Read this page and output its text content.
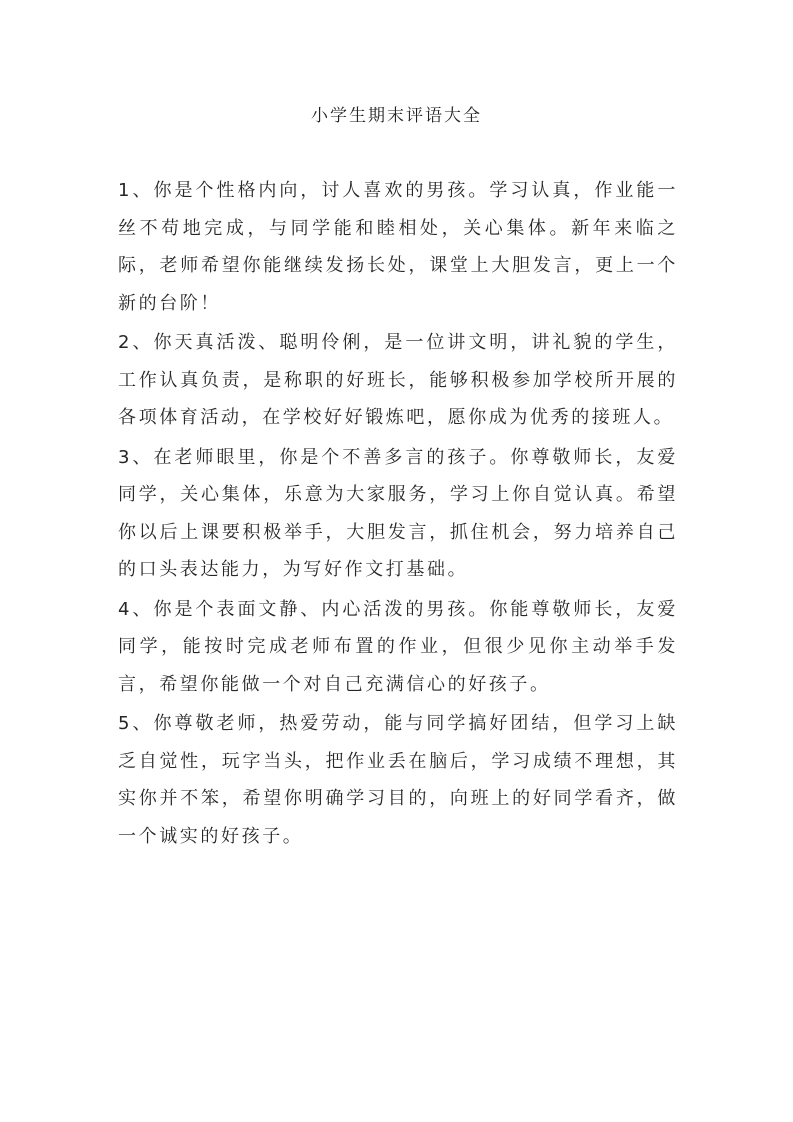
小学生期末评语大全

1、你是个性格内向，讨人喜欢的男孩。学习认真，作业能一丝不苟地完成，与同学能和睦相处，关心集体。新年来临之际，老师希望你能继续发扬长处，课堂上大胆发言，更上一个新的台阶！

2、你天真活泼、聪明伶俐，是一位讲文明，讲礼貌的学生，工作认真负责，是称职的好班长，能够积极参加学校所开展的各项体育活动，在学校好好锻炼吧，愿你成为优秀的接班人。

3、在老师眼里，你是个不善多言的孩子。你尊敬师长，友爱同学，关心集体，乐意为大家服务，学习上你自觉认真。希望你以后上课要积极举手，大胆发言，抓住机会，努力培养自己的口头表达能力，为写好作文打基础。

4、你是个表面文静、内心活泼的男孩。你能尊敬师长，友爱同学，能按时完成老师布置的作业，但很少见你主动举手发言，希望你能做一个对自己充满信心的好孩子。

5、你尊敬老师，热爱劳动，能与同学搞好团结，但学习上缺乏自觉性，玩字当头，把作业丢在脑后，学习成绩不理想，其实你并不笨，希望你明确学习目的，向班上的好同学看齐，做一个诚实的好孩子。
